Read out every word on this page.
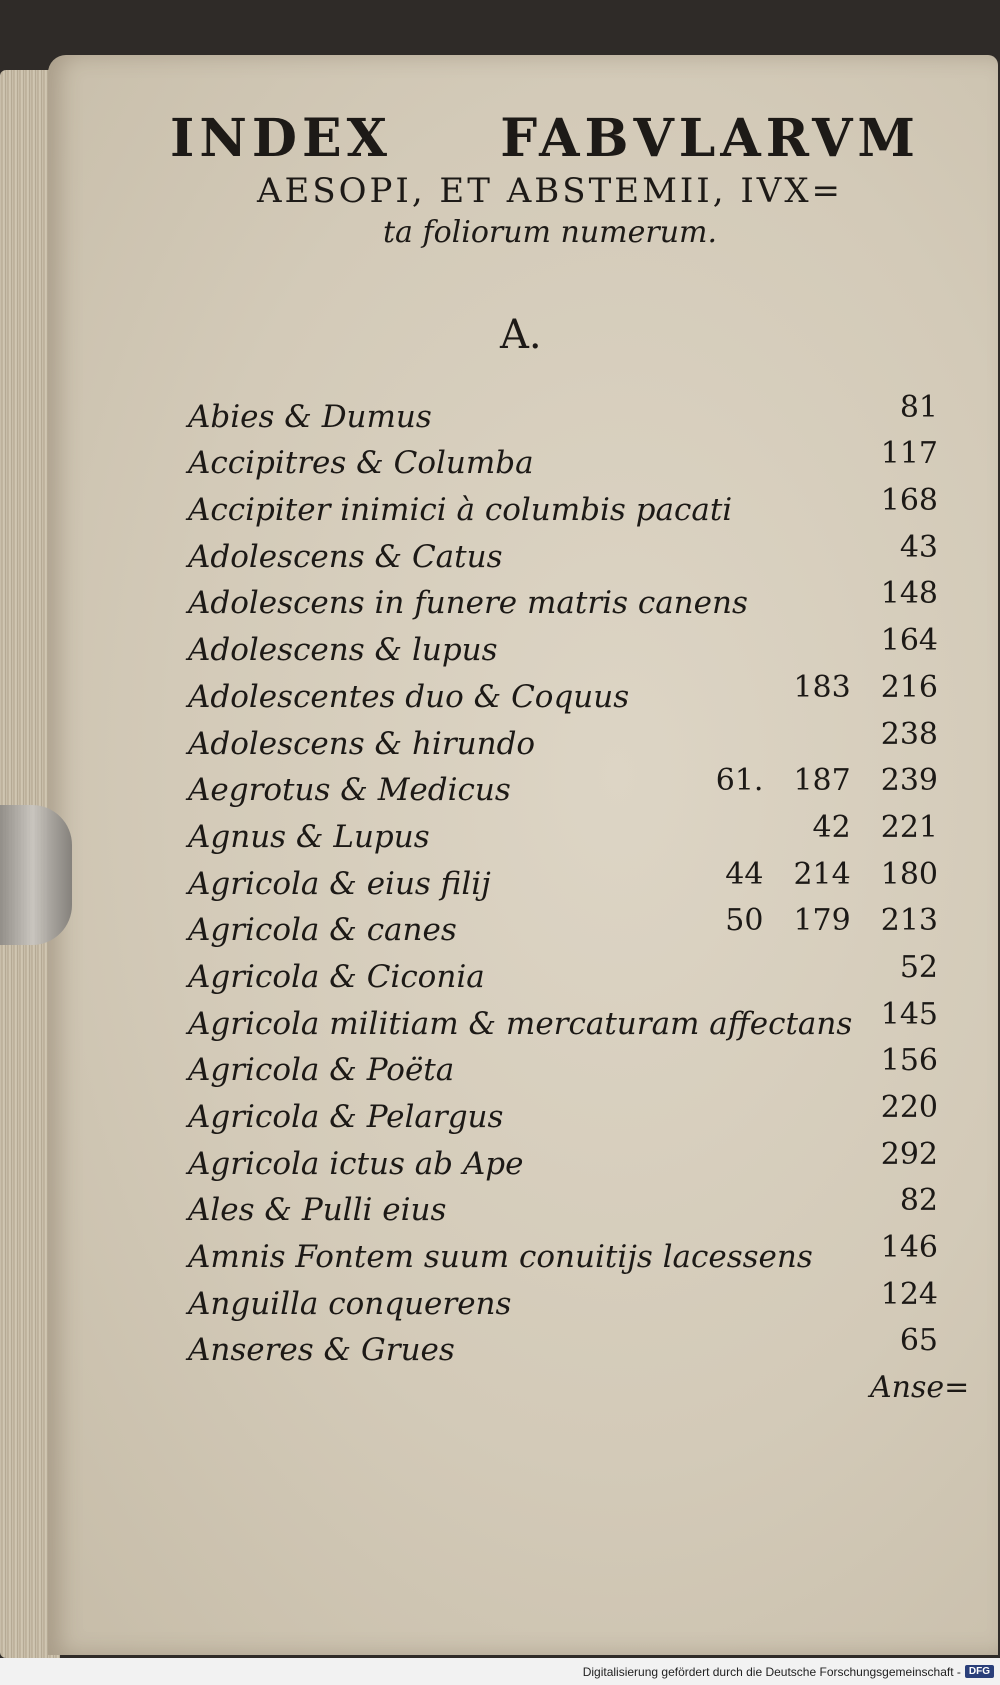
INDEX FABVLARVM
AESOPI, ET ABSTEMII, IVX=
ta foliorum numerum.
A.
Abies & Dumus	81
Accipitres & Columba	117
Accipiter inimici à columbis pacati	168
Adolescens & Catus	43
Adolescens in funere matris canens	148
Adolescens & lupus	164
Adolescentes duo & Coquus	183 216
Adolescens & hirundo	238
Aegrotus & Medicus	61. 187 239
Agnus & Lupus	42 221
Agricola & eius filij	44 214 180
Agricola & canes	50 179 213
Agricola & Ciconia	52
Agricola militiam & mercaturam affectans 145
Agricola & Poëta	156
Agricola & Pelargus	220
Agricola ictus ab Ape	292
Ales & Pulli eius	82
Amnis Fontem suum conuitijs lacessens 146
Anguilla conquerens	124
Anseres & Grues	65
Anse=
Digitalisierung gefördert durch die Deutsche Forschungsgemeinschaft - DFG
